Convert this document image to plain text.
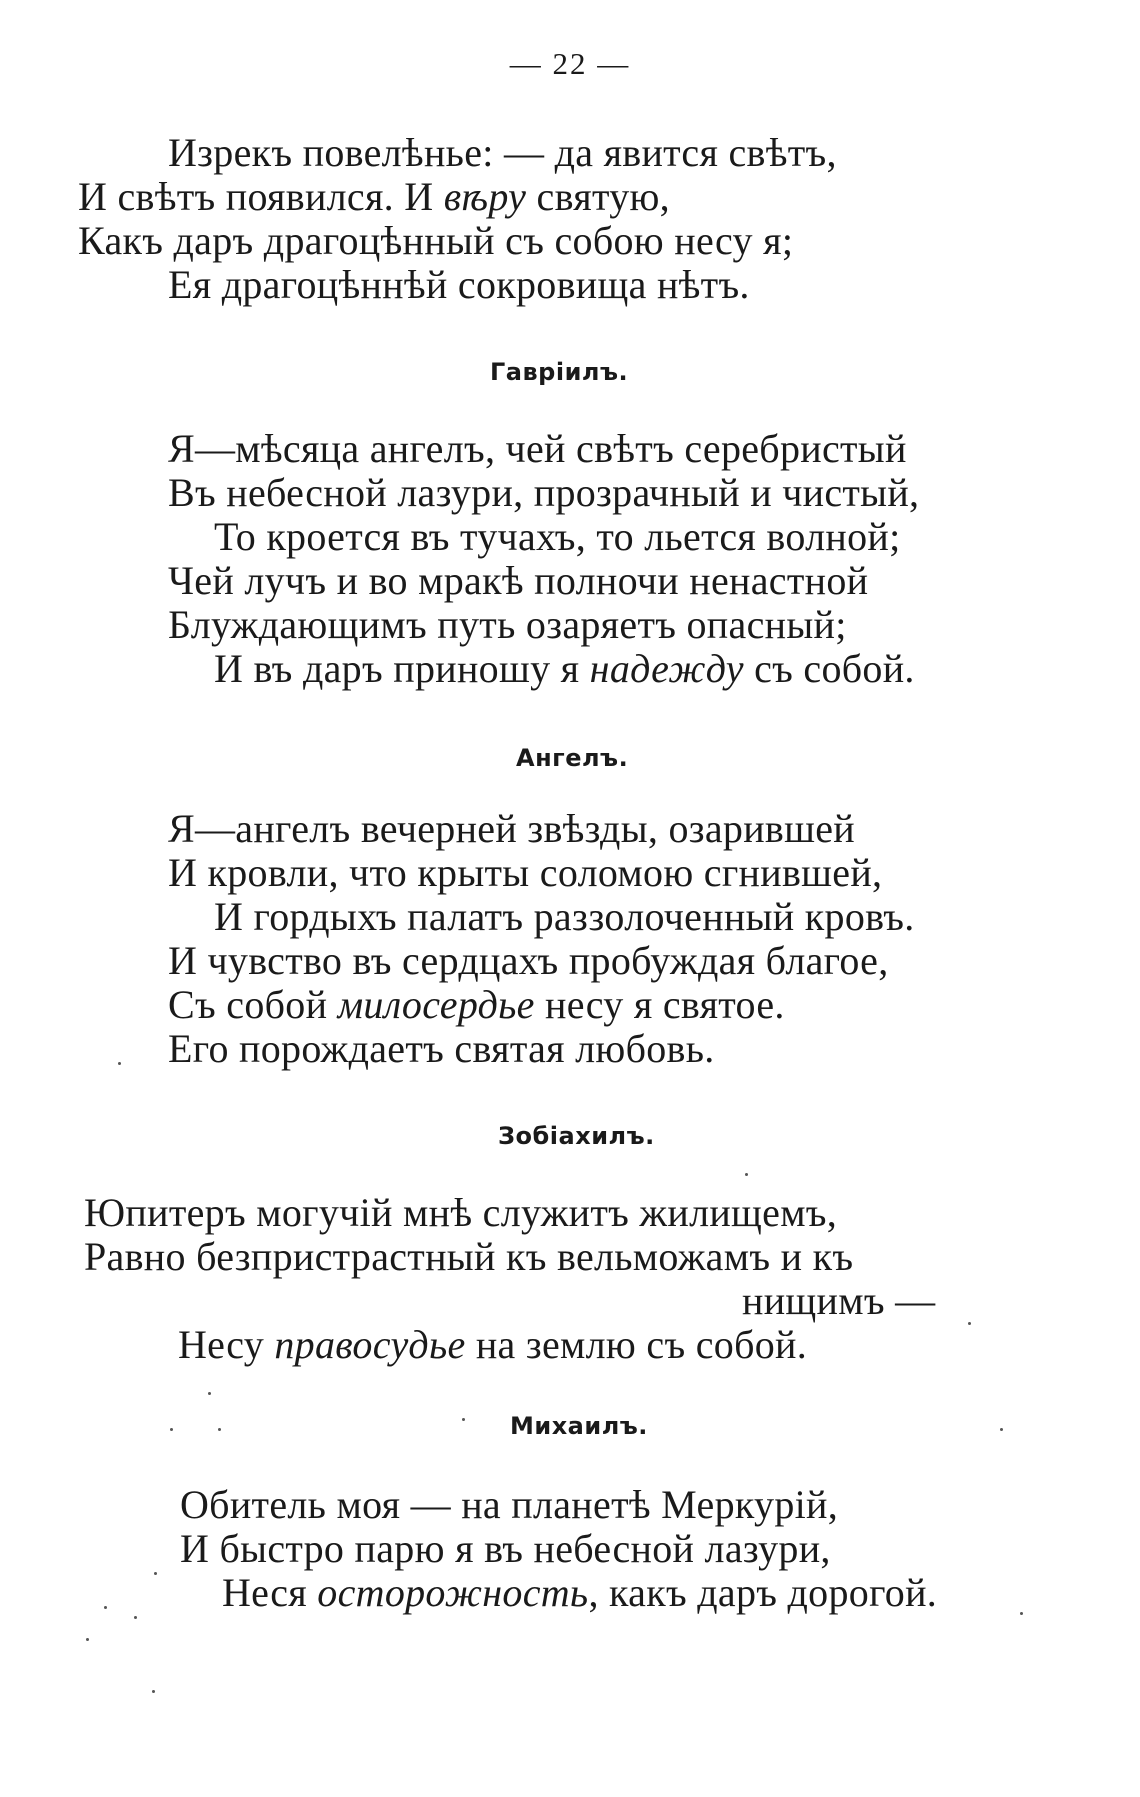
— 22 —
Изрекъ повелѣнье: — да явится свѣтъ,
И свѣтъ появился. И вѣру святую,
Какъ даръ драгоцѣнный съ собою несу я;
Ея драгоцѣннѣй сокровища нѣтъ.
Гавріилъ.
Я—мѣсяца ангелъ, чей свѣтъ серебристый
Въ небесной лазури, прозрачный и чистый,
То кроется въ тучахъ, то льется волной;
Чей лучъ и во мракѣ полночи ненастной
Блуждающимъ путь озаряетъ опасный;
И въ даръ приношу я надежду съ собой.
Ангелъ.
Я—ангелъ вечерней звѣзды, озарившей
И кровли, что крыты соломою сгнившей,
И гордыхъ палатъ раззолоченный кровъ.
И чувство въ сердцахъ пробуждая благое,
Съ собой милосердье несу я святое.
Его порождаетъ святая любовь.
Зобіахилъ.
Юпитеръ могучій мнѣ служитъ жилищемъ,
Равно безпристрастный къ вельможамъ и къ
нищимъ —
Несу правосудье на землю съ собой.
Михаилъ.
Обитель моя — на планетѣ Меркурій,
И быстро парю я въ небесной лазури,
Неся осторожность, какъ даръ дорогой.
